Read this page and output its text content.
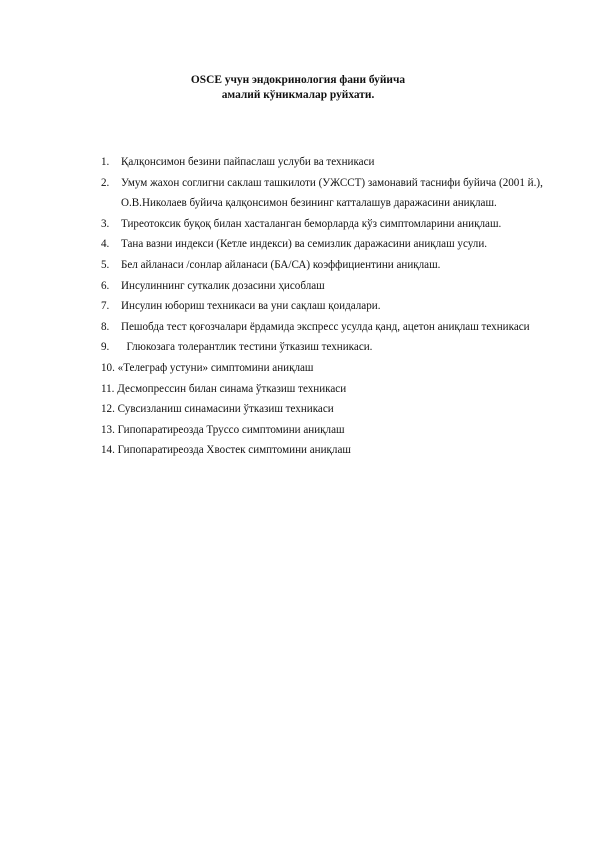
OSCE учун эндокринология фани буйича
амалий кўникмалар руйхати.
1.	Қалқонсимон безини пайпаслаш услуби ва техникаси
2.	Умум жахон соглигни саклаш ташкилоти (УЖССТ) замонавий таснифи буйича (2001 й.), О.В.Николаев буйича қалқонсимон безининг катталашув даражасини аниқлаш.
3.	Тиреотоксик буқоқ билан хасталанган беморларда кўз симптомларини аниқлаш.
4.	Тана вазни индекси (Кетле индекси) ва семизлик даражасини аниқлаш усули.
5.	Бел айланаси /сонлар айланаси (БА/СА) коэффициентини аниқлаш.
6.	Инсулиннинг суткалик дозасини ҳисоблаш
7.	Инсулин юбориш техникаси ва уни сақлаш қоидалари.
8.	Пешобда тест қоғозчалари ёрдамида экспресс усулда қанд, ацетон аниқлаш техникаси
9.	Глюкозага толерантлик тестини ўтказиш техникаси.
10. «Телеграф устуни» симптомини аниқлаш
11. Десмопрессин билан синама ўтказиш техникаси
12. Сувсизланиш синамасини ўтказиш техникаси
13. Гипопаратиреозда Труссо симптомини аниқлаш
14. Гипопаратиреозда Хвостек симптомини аниқлаш
